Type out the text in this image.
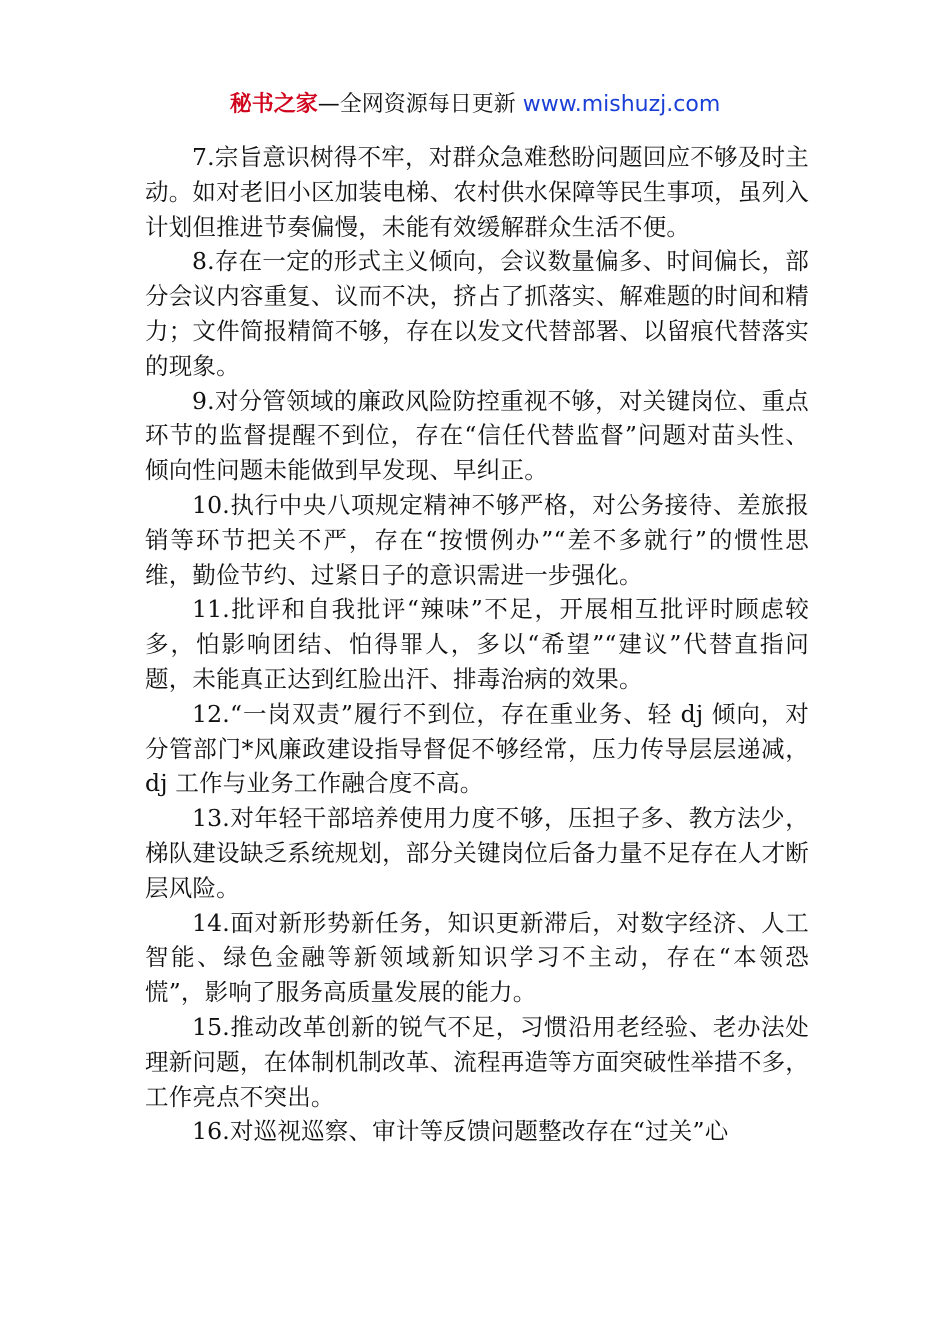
秘书之家—全网资源每日更新 www.mishuzj.com

7.宗旨意识树得不牢，对群众急难愁盼问题回应不够及时主动。如对老旧小区加装电梯、农村供水保障等民生事项，虽列入计划但推进节奏偏慢，未能有效缓解群众生活不便。

8.存在一定的形式主义倾向，会议数量偏多、时间偏长，部分会议内容重复、议而不决，挤占了抓落实、解难题的时间和精力；文件简报精简不够，存在以发文代替部署、以留痕代替落实的现象。

9.对分管领域的廉政风险防控重视不够，对关键岗位、重点环节的监督提醒不到位，存在“信任代替监督”问题对苗头性、倾向性问题未能做到早发现、早纠正。

10.执行中央八项规定精神不够严格，对公务接待、差旅报销等环节把关不严，存在“按惯例办”“差不多就行”的惯性思维，勤俭节约、过紧日子的意识需进一步强化。

11.批评和自我批评“辣味”不足，开展相互批评时顾虑较多，怕影响团结、怕得罪人，多以“希望”“建议”代替直指问题，未能真正达到红脸出汗、排毒治病的效果。

12.“一岗双责”履行不到位，存在重业务、轻 dj 倾向，对分管部门*风廉政建设指导督促不够经常，压力传导层层递减，dj 工作与业务工作融合度不高。

13.对年轻干部培养使用力度不够，压担子多、教方法少，梯队建设缺乏系统规划，部分关键岗位后备力量不足存在人才断层风险。

14.面对新形势新任务，知识更新滞后，对数字经济、人工智能、绿色金融等新领域新知识学习不主动，存在“本领恐慌”，影响了服务高质量发展的能力。

15.推动改革创新的锐气不足，习惯沿用老经验、老办法处理新问题，在体制机制改革、流程再造等方面突破性举措不多，工作亮点不突出。

16.对巡视巡察、审计等反馈问题整改存在“过关”心
